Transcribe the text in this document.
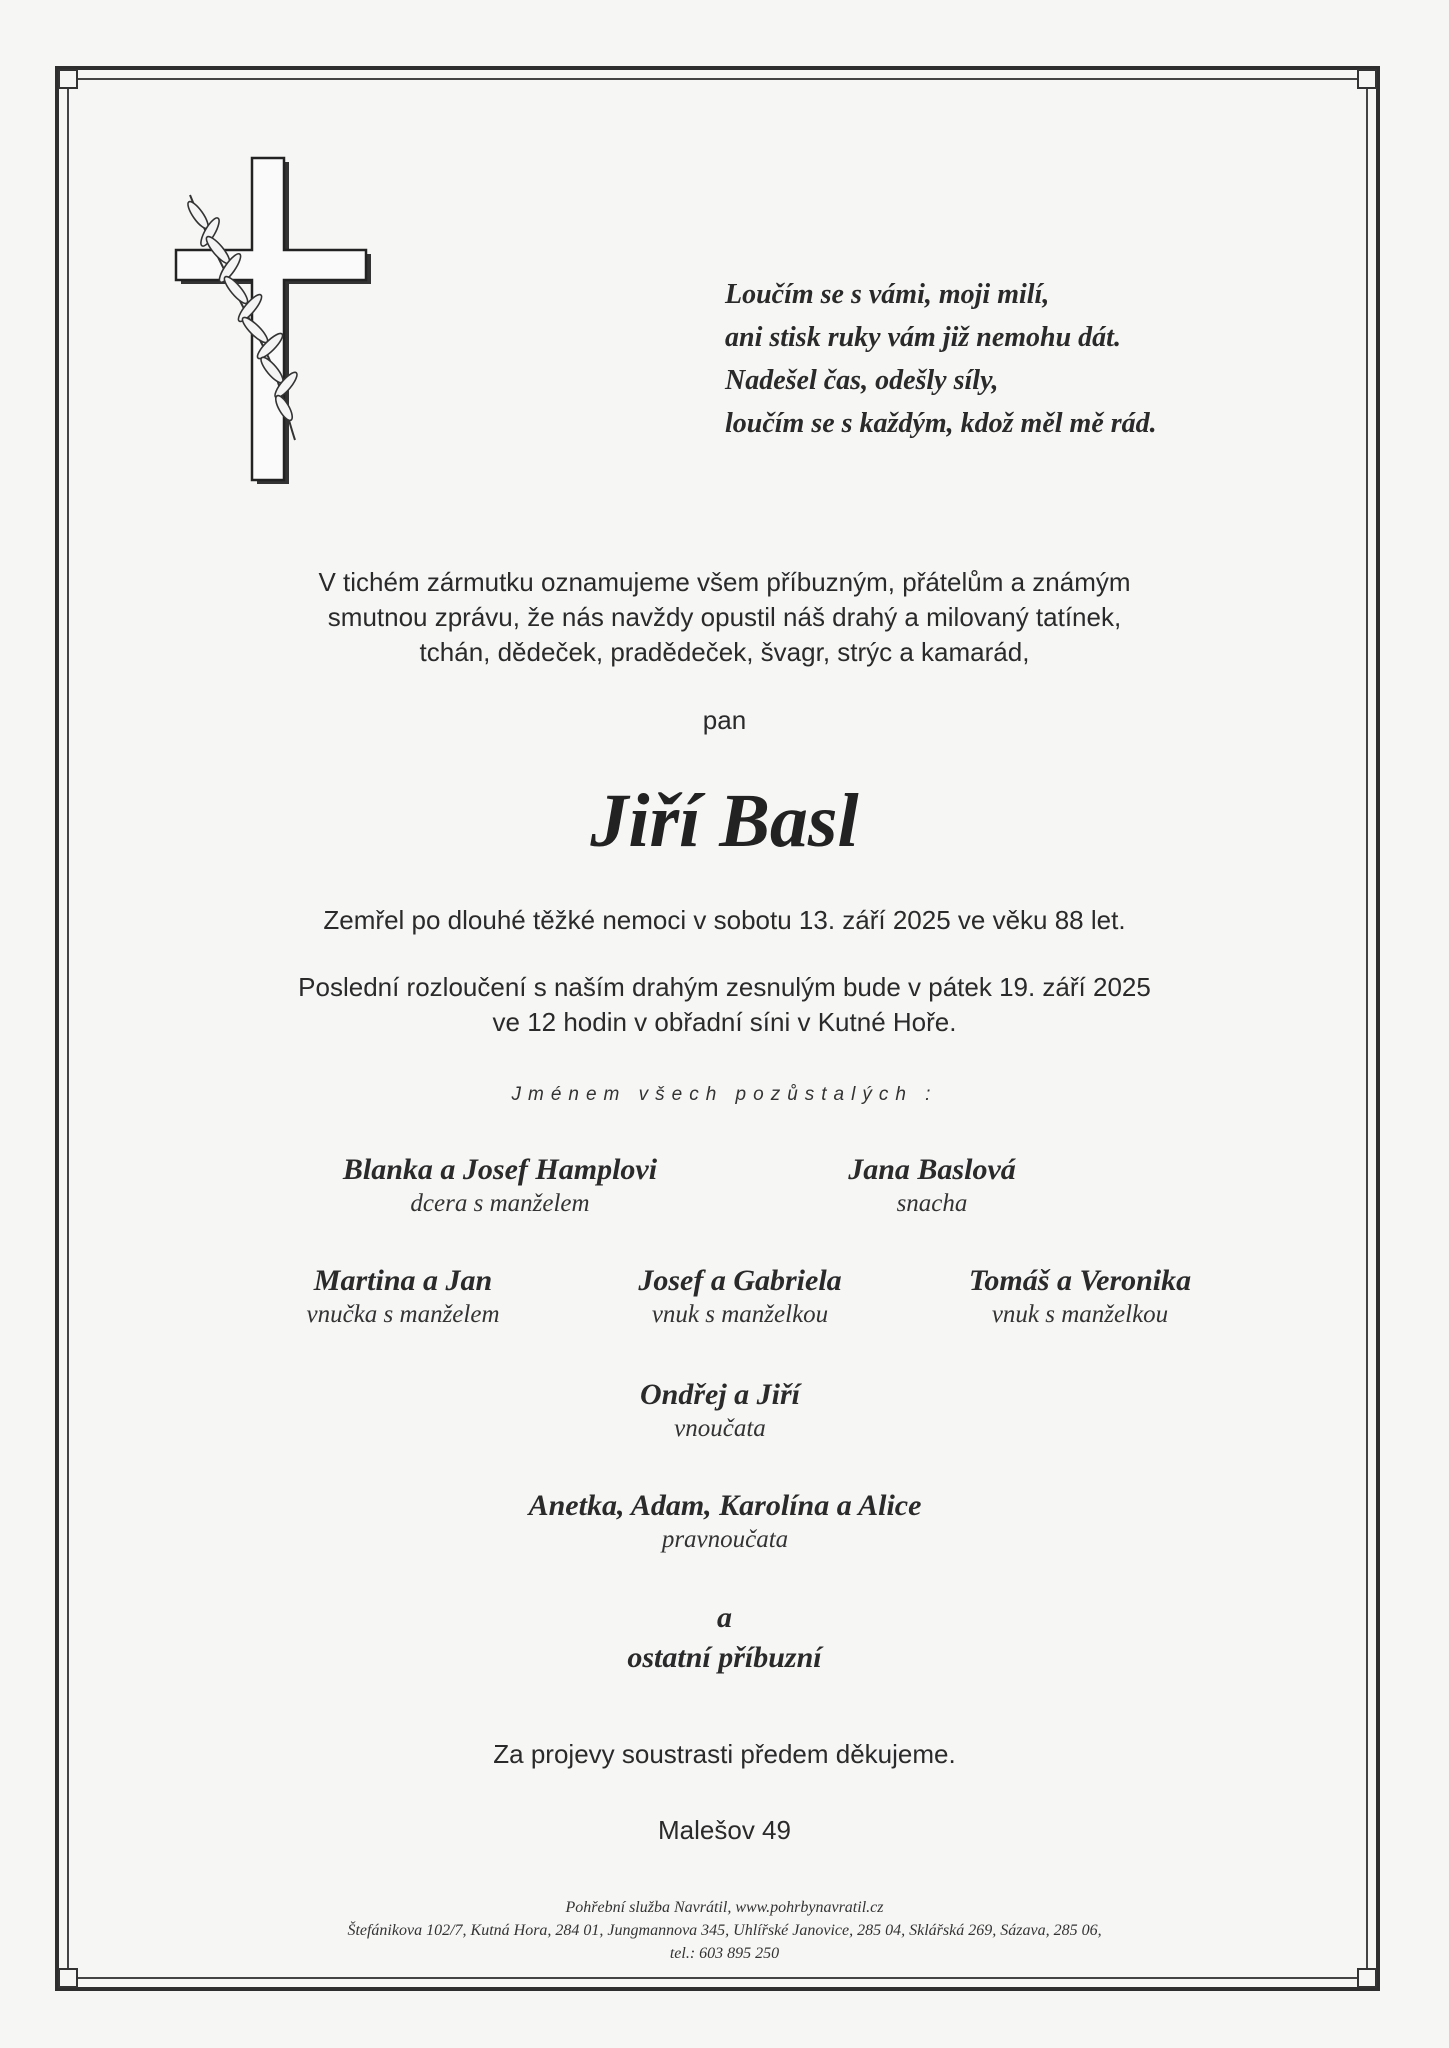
Loučím se s vámi, moji milí,
ani stisk ruky vám již nemohu dát.
Nadešel čas, odešly síly,
loučím se s každým, kdož měl mě rád.
V tichém zármutku oznamujeme všem příbuzným, přátelům a známým
smutnou zprávu, že nás navždy opustil náš drahý a milovaný tatínek,
tchán, dědeček, pradědeček, švagr, strýc a kamarád,
pan
Jiří Basl
Zemřel po dlouhé těžké nemoci v sobotu 13. září 2025 ve věku 88 let.
Poslední rozloučení s naším drahým zesnulým bude v pátek 19. září 2025
ve 12 hodin v obřadní síni v Kutné Hoře.
Jménem všech pozůstalých :
Blanka a Josef Hamplovi
dcera s manželem
Jana Baslová
snacha
Martina a Jan
vnučka s manželem
Josef a Gabriela
vnuk s manželkou
Tomáš a Veronika
vnuk s manželkou
Ondřej a Jiří
vnoučata
Anetka, Adam, Karolína a Alice
pravnoučata
a
ostatní příbuzní
Za projevy soustrasti předem děkujeme.
Malešov 49
Pohřební služba Navrátil, www.pohrbynavratil.cz
Štefánikova 102/7, Kutná Hora, 284 01, Jungmannova 345, Uhlířské Janovice, 285 04, Sklářská 269, Sázava, 285 06,
tel.: 603 895 250
